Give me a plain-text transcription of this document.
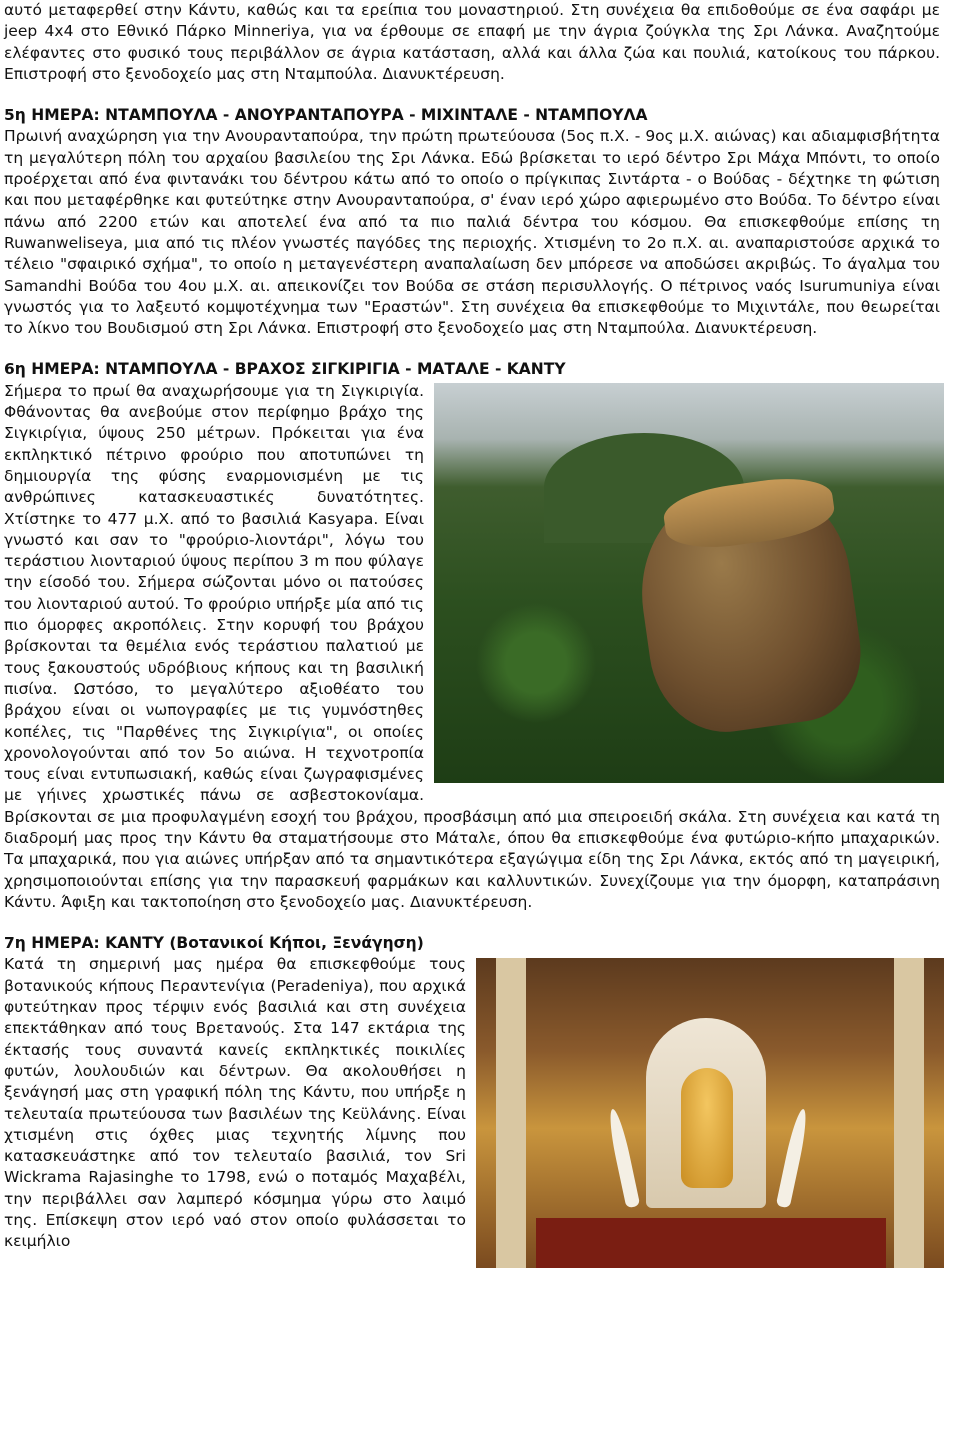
αυτό μεταφερθεί στην Κάντυ, καθώς και τα ερείπια του μοναστηριού. Στη συνέχεια θα επιδοθούμε σε ένα σαφάρι με jeep 4x4 στο Εθνικό Πάρκο Minneriya, για να έρθουμε σε επαφή με την άγρια ζούγκλα της Σρι Λάνκα. Αναζητούμε ελέφαντες στο φυσικό τους περιβάλλον σε άγρια κατάσταση, αλλά και άλλα ζώα και πουλιά, κατοίκους του πάρκου. Επιστροφή στο ξενοδοχείο μας στη Νταμπούλα. Διανυκτέρευση.

5η ΗΜΕΡΑ: ΝΤΑΜΠΟΥΛΑ - ΑΝΟΥΡΑΝΤΑΠΟΥΡΑ - ΜΙΧΙΝΤΑΛΕ - ΝΤΑΜΠΟΥΛΑ

Πρωινή αναχώρηση για την Ανουρανταπούρα, την πρώτη πρωτεύουσα (5ος π.Χ. - 9ος μ.Χ. αιώνας) και αδιαμφισβήτητα τη μεγαλύτερη πόλη του αρχαίου βασιλείου της Σρι Λάνκα. Εδώ βρίσκεται το ιερό δέντρο Σρι Μάχα Μπόντι, το οποίο προέρχεται από ένα φιντανάκι του δέντρου κάτω από το οποίο ο πρίγκιπας Σιντάρτα - ο Βούδας - δέχτηκε τη φώτιση και που μεταφέρθηκε και φυτεύτηκε στην Ανουρανταπούρα, σ' έναν ιερό χώρο αφιερωμένο στο Βούδα. Το δέντρο είναι πάνω από 2200 ετών και αποτελεί ένα από τα πιο παλιά δέντρα του κόσμου. Θα επισκεφθούμε επίσης τη Ruwanweliseya, μια από τις πλέον γνωστές παγόδες της περιοχής. Χτισμένη το 2ο π.Χ. αι. αναπαριστούσε αρχικά το τέλειο "σφαιρικό σχήμα", το οποίο η μεταγενέστερη αναπαλαίωση δεν μπόρεσε να αποδώσει ακριβώς. Το άγαλμα του Samandhi Βούδα του 4ου μ.Χ. αι. απεικονίζει τον Βούδα σε στάση περισυλλογής. Ο πέτρινος ναός Isurumuniya είναι γνωστός για το λαξευτό κομψοτέχνημα των "Εραστών". Στη συνέχεια θα επισκεφθούμε το Μιχιντάλε, που θεωρείται το λίκνο του Βουδισμού στη Σρι Λάνκα. Επιστροφή στο ξενοδοχείο μας στη Νταμπούλα. Διανυκτέρευση.

6η ΗΜΕΡΑ: ΝΤΑΜΠΟΥΛΑ - ΒΡΑΧΟΣ ΣΙΓΚΙΡΙΓΙΑ - ΜΑΤΑΛΕ - ΚΑΝΤΥ

Σήμερα το πρωί θα αναχωρήσουμε για τη Σιγκιριγία. Φθάνοντας θα ανεβούμε στον περίφημο βράχο της Σιγκιρίγια, ύψους 250 μέτρων. Πρόκειται για ένα εκπληκτικό πέτρινο φρούριο που αποτυπώνει τη δημιουργία της φύσης εναρμονισμένη με τις ανθρώπινες κατασκευαστικές δυνατότητες. Χτίστηκε το 477 μ.Χ. από το βασιλιά Kasyapa. Είναι γνωστό και σαν το "φρούριο-λιοντάρι", λόγω του τεράστιου λιονταριού ύψους περίπου 3 m που φύλαγε την είσοδό του. Σήμερα σώζονται μόνο οι πατούσες του λιονταριού αυτού. Το φρούριο υπήρξε μία από τις πιο όμορφες ακροπόλεις. Στην κορυφή του βράχου βρίσκονται τα θεμέλια ενός τεράστιου παλατιού με τους ξακουστούς υδρόβιους κήπους και τη βασιλική πισίνα. Ωστόσο, το μεγαλύτερο αξιοθέατο του βράχου είναι οι νωπογραφίες με τις γυμνόστηθες κοπέλες, τις "Παρθένες της Σιγκιρίγια", οι οποίες χρονολογούνται από τον 5ο αιώνα. Η τεχνοτροπία τους είναι εντυπωσιακή, καθώς είναι ζωγραφισμένες με γήινες χρωστικές πάνω σε ασβεστοκονίαμα. Βρίσκονται σε μια προφυλαγμένη εσοχή του βράχου, προσβάσιμη από μια σπειροειδή σκάλα. Στη συνέχεια και κατά τη διαδρομή μας προς την Κάντυ θα σταματήσουμε στο Μάταλε, όπου θα επισκεφθούμε ένα φυτώριο-κήπο μπαχαρικών. Τα μπαχαρικά, που για αιώνες υπήρξαν από τα σημαντικότερα εξαγώγιμα είδη της Σρι Λάνκα, εκτός από τη μαγειρική, χρησιμοποιούνται επίσης για την παρασκευή φαρμάκων και καλλυντικών. Συνεχίζουμε για την όμορφη, καταπράσινη Κάντυ. Άφιξη και τακτοποίηση στο ξενοδοχείο μας. Διανυκτέρευση.

7η ΗΜΕΡΑ: ΚΑΝΤΥ (Βοτανικοί Κήποι, Ξενάγηση)

Κατά τη σημερινή μας ημέρα θα επισκεφθούμε τους βοτανικούς κήπους Περαντενίγια (Peradeniya), που αρχικά φυτεύτηκαν προς τέρψιν ενός βασιλιά και στη συνέχεια επεκτάθηκαν από τους Βρετανούς. Στα 147 εκτάρια της έκτασής τους συναντά κανείς εκπληκτικές ποικιλίες φυτών, λουλουδιών και δέντρων. Θα ακολουθήσει η ξενάγησή μας στη γραφική πόλη της Κάντυ, που υπήρξε η τελευταία πρωτεύουσα των βασιλέων της Κεϋλάνης. Είναι χτισμένη στις όχθες μιας τεχνητής λίμνης που κατασκευάστηκε από τον τελευταίο βασιλιά, τον Sri Wickrama Rajasinghe το 1798, ενώ ο ποταμός Μαχαβέλι, την περιβάλλει σαν λαμπερό κόσμημα γύρω στο λαιμό της. Επίσκεψη στον ιερό ναό στον οποίο φυλάσσεται το κειμήλιο
